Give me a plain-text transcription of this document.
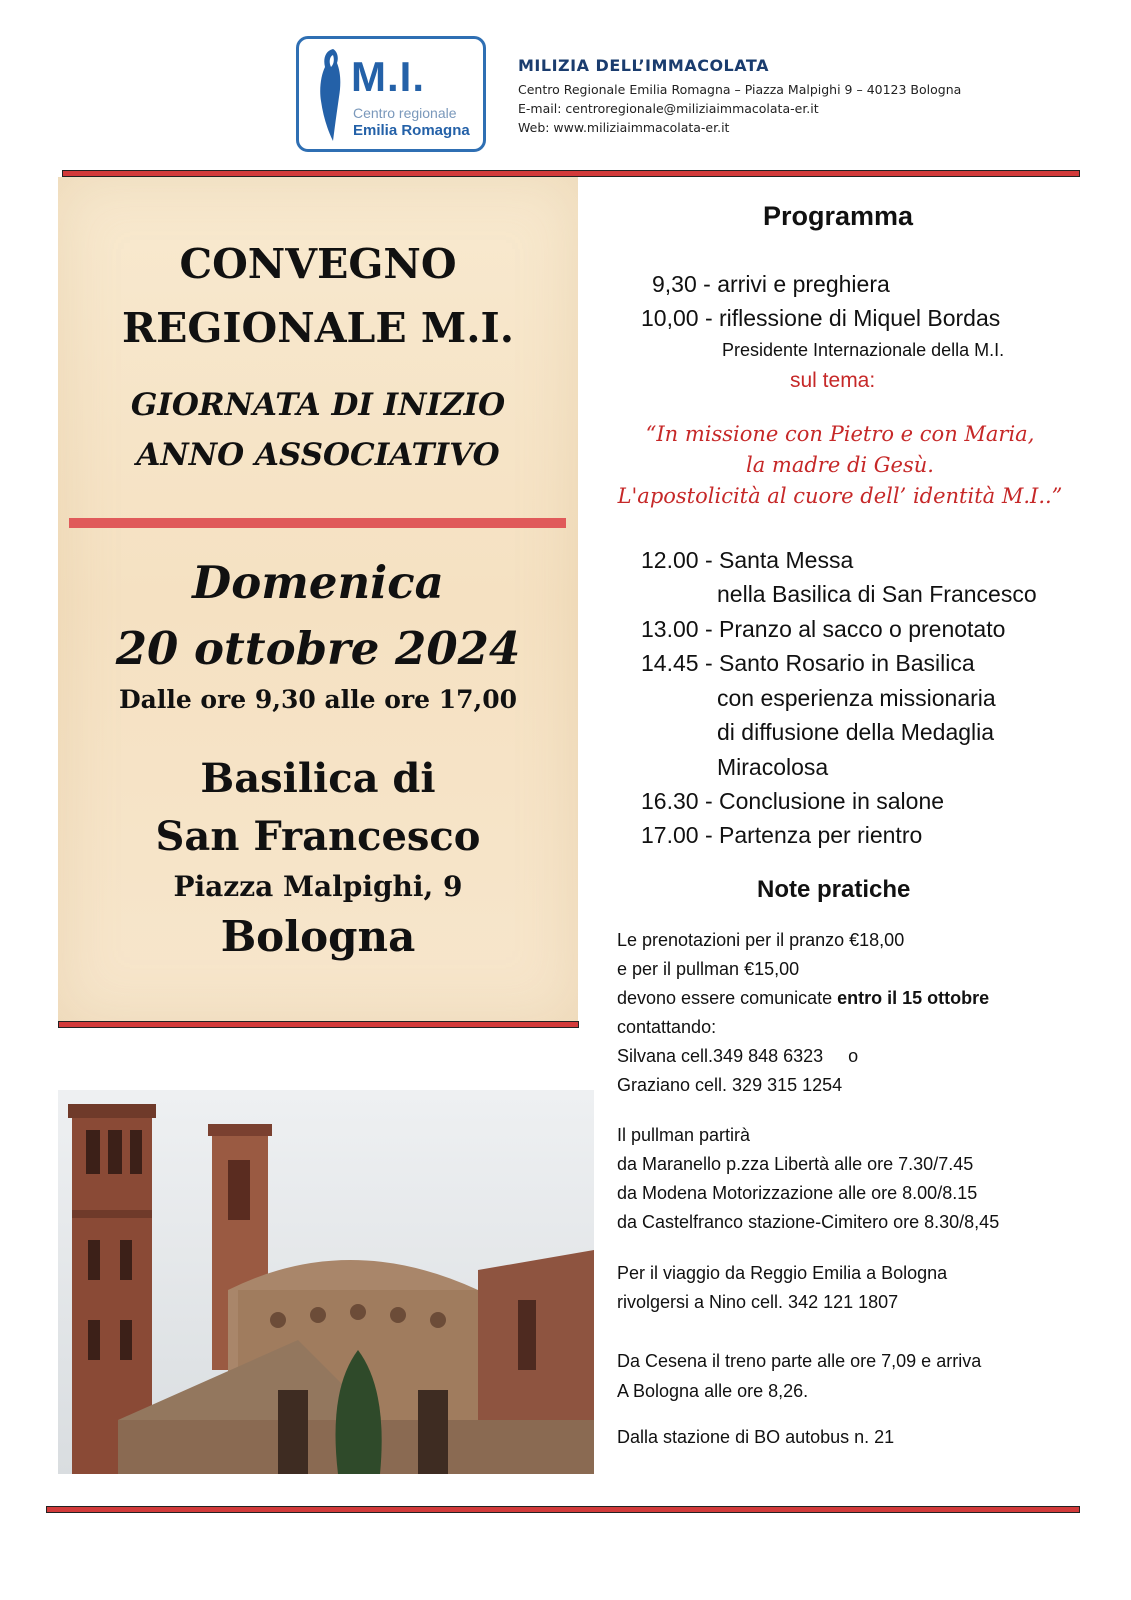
M.I.
Centro regionale
Emilia Romagna
MILIZIA DELL’IMMACOLATA
Centro Regionale Emilia Romagna – Piazza Malpighi 9 – 40123 Bologna
E-mail: centroregionale@miliziaimmacolata-er.it
Web: www.miliziaimmacolata-er.it
CONVEGNO
REGIONALE M.I.
GIORNATA DI INIZIO
ANNO ASSOCIATIVO
Domenica
20 ottobre 2024
Dalle ore 9,30 alle ore 17,00
Basilica di
San Francesco
Piazza Malpighi, 9
Bologna
Programma
9,30 - arrivi e preghiera
10,00 - riflessione di Miquel Bordas
Presidente Internazionale della M.I.
sul tema:
“In missione con Pietro e con Maria,
la madre di Gesù.
L'apostolicità al cuore dell’ identità M.I..”
12.00 - Santa Messa
nella Basilica di San Francesco
13.00 - Pranzo al sacco o prenotato
14.45 - Santo Rosario in Basilica
con esperienza missionaria
di diffusione della Medaglia
Miracolosa
16.30 - Conclusione in salone
17.00 - Partenza per rientro
Note pratiche
Le prenotazioni per il pranzo €18,00
e per il pullman €15,00
devono essere comunicate entro il 15 ottobre
contattando:
Silvana cell.349 848 6323     o
Graziano cell. 329 315 1254
Il pullman partirà
da Maranello p.zza Libertà alle ore 7.30/7.45
da Modena Motorizzazione alle ore 8.00/8.15
da Castelfranco stazione-Cimitero ore 8.30/8,45
Per il viaggio da Reggio Emilia a Bologna
rivolgersi a Nino cell. 342 121 1807
Da Cesena il treno parte alle ore 7,09 e arriva
A Bologna alle ore 8,26.
Dalla stazione di BO autobus n. 21
